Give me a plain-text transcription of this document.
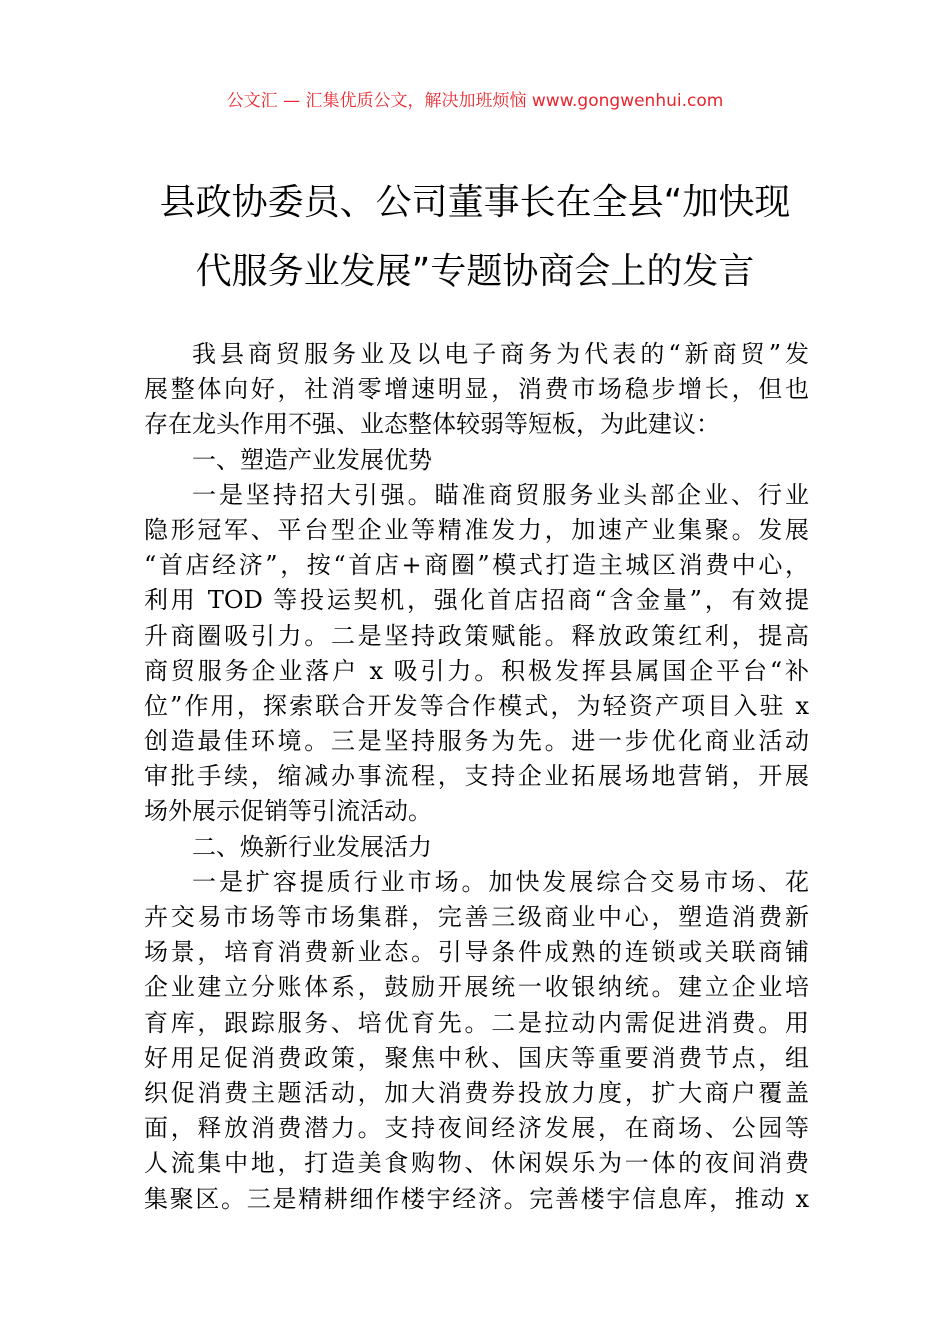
公文汇 — 汇集优质公文，解决加班烦恼 www.gongwenhui.com
县政协委员、公司董事长在全县“加快现
代服务业发展”专题协商会上的发言
我县商贸服务业及以电子商务为代表的“新商贸”发
展整体向好，社消零增速明显，消费市场稳步增长，但也
存在龙头作用不强、业态整体较弱等短板，为此建议：
一、塑造产业发展优势
一是坚持招大引强。瞄准商贸服务业头部企业、行业
隐形冠军、平台型企业等精准发力，加速产业集聚。发展
“首店经济”，按“首店+商圈”模式打造主城区消费中心，
利用 TOD 等投运契机，强化首店招商“含金量”，有效提
升商圈吸引力。二是坚持政策赋能。释放政策红利，提高
商贸服务企业落户 x 吸引力。积极发挥县属国企平台“补
位”作用，探索联合开发等合作模式，为轻资产项目入驻 x
创造最佳环境。三是坚持服务为先。进一步优化商业活动
审批手续，缩减办事流程，支持企业拓展场地营销，开展
场外展示促销等引流活动。
二、焕新行业发展活力
一是扩容提质行业市场。加快发展综合交易市场、花
卉交易市场等市场集群，完善三级商业中心，塑造消费新
场景，培育消费新业态。引导条件成熟的连锁或关联商铺
企业建立分账体系，鼓励开展统一收银纳统。建立企业培
育库，跟踪服务、培优育先。二是拉动内需促进消费。用
好用足促消费政策，聚焦中秋、国庆等重要消费节点，组
织促消费主题活动，加大消费券投放力度，扩大商户覆盖
面，释放消费潜力。支持夜间经济发展，在商场、公园等
人流集中地，打造美食购物、休闲娱乐为一体的夜间消费
集聚区。三是精耕细作楼宇经济。完善楼宇信息库，推动 x
